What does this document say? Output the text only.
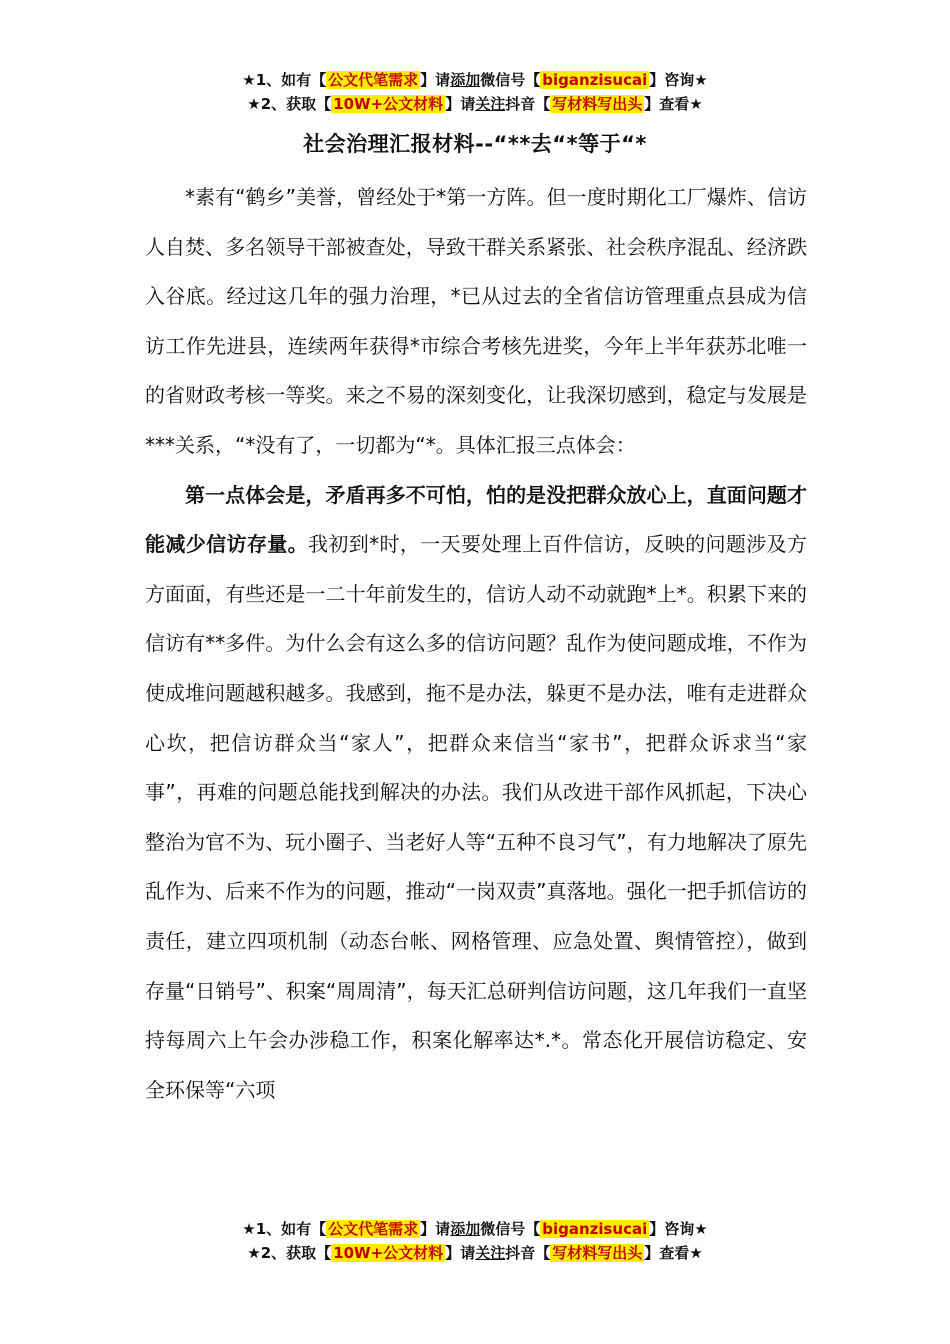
★1、如有【 公文代笔需求 】请添加微信号【 biganzisucai 】咨询★
★2、获取【 10W+公文材料 】请关注抖音【 写材料写出头 】查看★
社会治理汇报材料--“**去“*等于“*

*素有“鹤乡”美誉，曾经处于*第一方阵。但一度时期化工厂爆炸、信访人自焚、多名领导干部被查处，导致干群关系紧张、社会秩序混乱、经济跌入谷底。经过这几年的强力治理，*已从过去的全省信访管理重点县成为信访工作先进县，连续两年获得*市综合考核先进奖，今年上半年获苏北唯一的省财政考核一等奖。来之不易的深刻变化，让我深切感到，稳定与发展是***关系，“*没有了，一切都为“*。具体汇报三点体会：

第一点体会是，矛盾再多不可怕，怕的是没把群众放心上，直面问题才能减少信访存量。我初到*时，一天要处理上百件信访，反映的问题涉及方方面面，有些还是一二十年前发生的，信访人动不动就跑*上*。积累下来的信访有**多件。为什么会有这么多的信访问题？乱作为使问题成堆，不作为使成堆问题越积越多。我感到，拖不是办法，躲更不是办法，唯有走进群众心坎，把信访群众当“家人”，把群众来信当“家书”，把群众诉求当“家事”，再难的问题总能找到解决的办法。我们从改进干部作风抓起，下决心整治为官不为、玩小圈子、当老好人等“五种不良习气”，有力地解决了原先乱作为、后来不作为的问题，推动“一岗双责”真落地。强化一把手抓信访的责任，建立四项机制（动态台帐、网格管理、应急处置、舆情管控），做到存量“日销号”、积案“周周清”，每天汇总研判信访问题，这几年我们一直坚持每周六上午会办涉稳工作，积案化解率达*.*。常态化开展信访稳定、安全环保等“六项

★1、如有【 公文代笔需求 】请添加微信号【 biganzisucai 】咨询★
★2、获取【 10W+公文材料 】请关注抖音【 写材料写出头 】查看★
